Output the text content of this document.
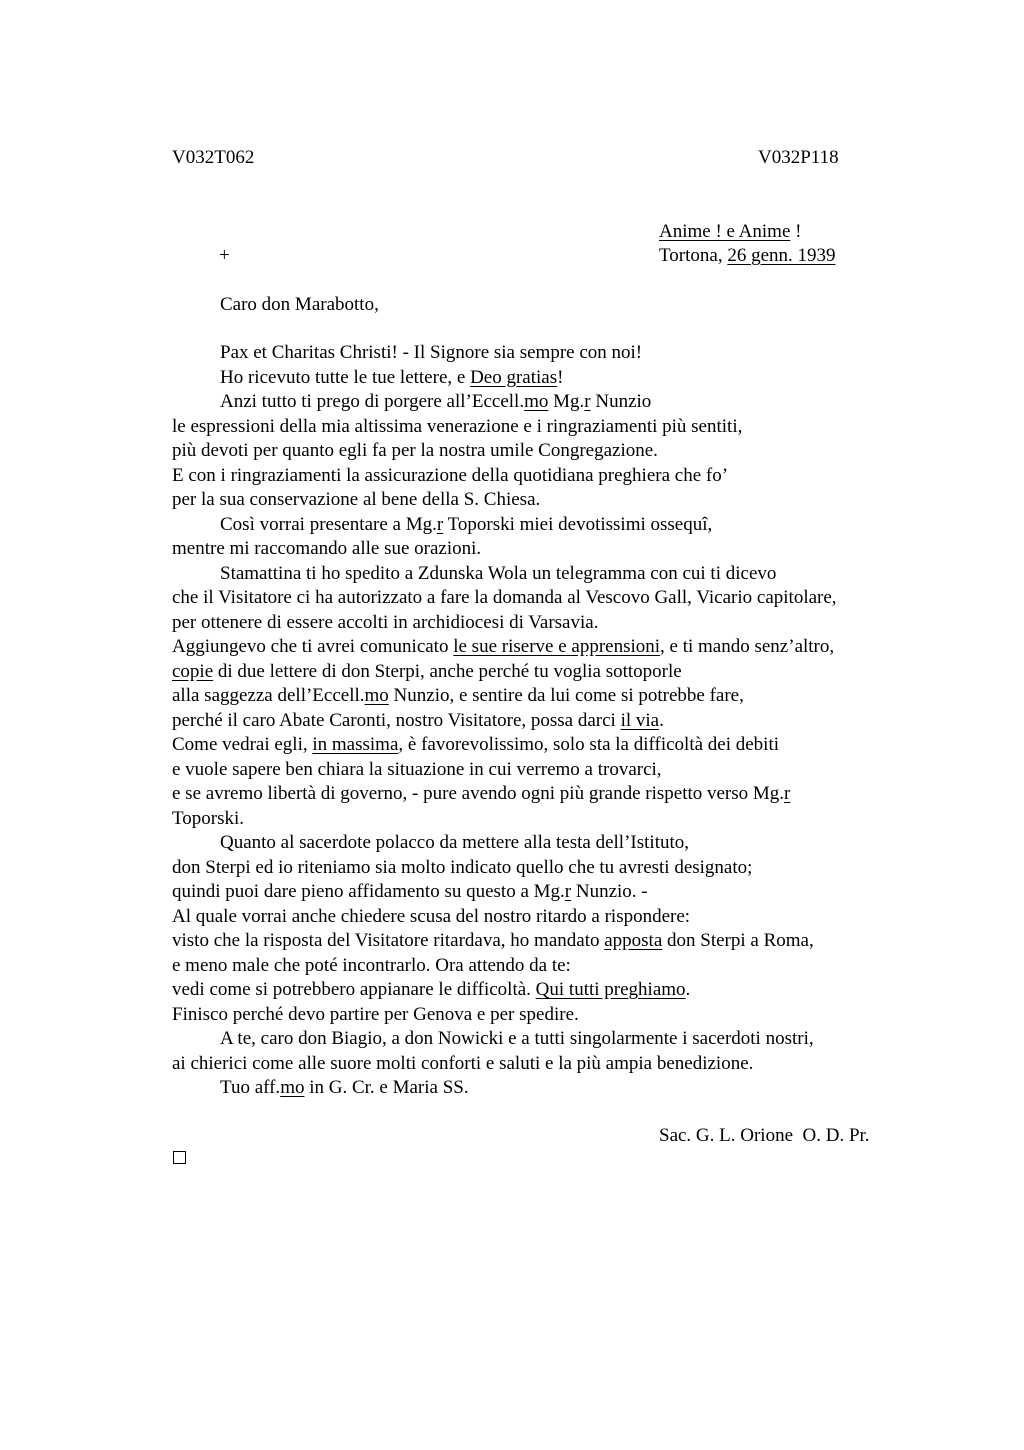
V032T062	V032P118
Anime ! e Anime !
+	Tortona, 26 genn. 1939
Caro don Marabotto,
Pax et Charitas Christi! - Il Signore sia sempre con noi!
Ho ricevuto tutte le tue lettere, e Deo gratias!
Anzi tutto ti prego di porgere all’Eccell.mo Mg.r Nunzio
le espressioni della mia altissima venerazione e i ringraziamenti più sentiti,
più devoti per quanto egli fa per la nostra umile Congregazione.
E con i ringraziamenti la assicurazione della quotidiana preghiera che fo’
per la sua conservazione al bene della S. Chiesa.
Così vorrai presentare a Mg.r Toporski miei devotissimi ossequî,
mentre mi raccomando alle sue orazioni.
Stamattina ti ho spedito a Zdunska Wola un telegramma con cui ti dicevo
che il Visitatore ci ha autorizzato a fare la domanda al Vescovo Gall, Vicario capitolare,
per ottenere di essere accolti in archidiocesi di Varsavia.
Aggiungevo che ti avrei comunicato le sue riserve e apprensioni, e ti mando senz’altro,
copie di due lettere di don Sterpi, anche perché tu voglia sottoporle
alla saggezza dell’Eccell.mo Nunzio, e sentire da lui come si potrebbe fare,
perché il caro Abate Caronti, nostro Visitatore, possa darci il via.
Come vedrai egli, in massima, è favorevolissimo, solo sta la difficoltà dei debiti
e vuole sapere ben chiara la situazione in cui verremo a trovarci,
e se avremo libertà di governo, - pure avendo ogni più grande rispetto verso Mg.r
Toporski.
Quanto al sacerdote polacco da mettere alla testa dell’Istituto,
don Sterpi ed io riteniamo sia molto indicato quello che tu avresti designato;
quindi puoi dare pieno affidamento su questo a Mg.r Nunzio. -
Al quale vorrai anche chiedere scusa del nostro ritardo a rispondere:
visto che la risposta del Visitatore ritardava, ho mandato apposta don Sterpi a Roma,
e meno male che poté incontrarlo. Ora attendo da te:
vedi come si potrebbero appianare le difficoltà. Qui tutti preghiamo.
Finisco perché devo partire per Genova e per spedire.
A te, caro don Biagio, a don Nowicki e a tutti singolarmente i sacerdoti nostri,
ai chierici come alle suore molti conforti e saluti e la più ampia benedizione.
Tuo aff.mo in G. Cr. e Maria SS.
Sac. G. L. Orione  O. D. Pr.
